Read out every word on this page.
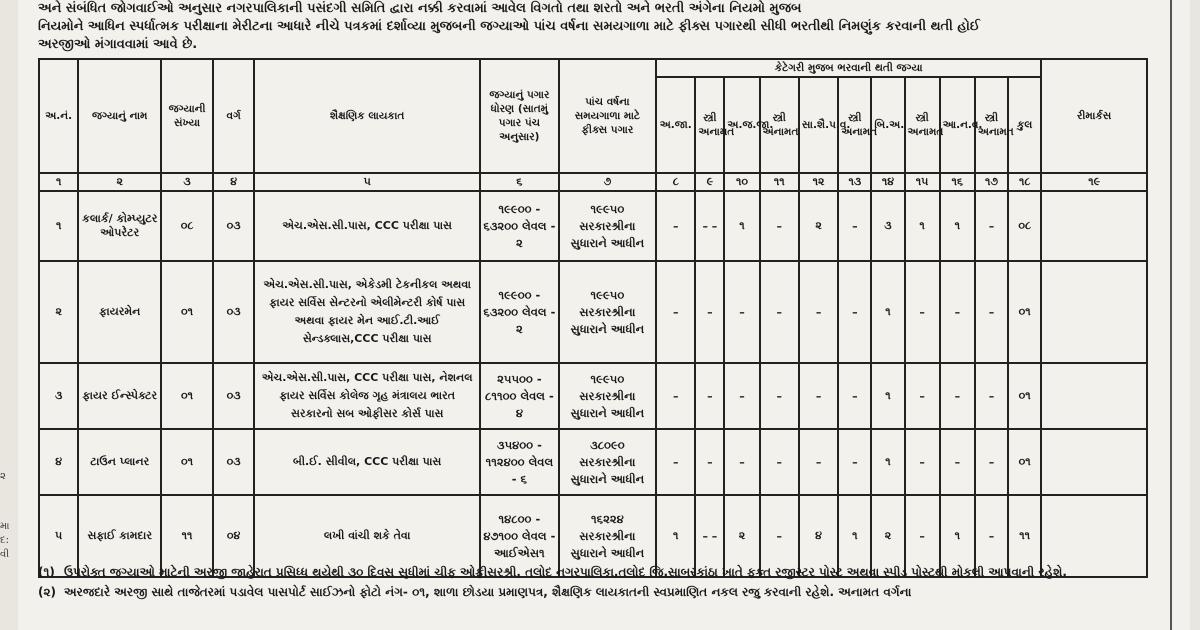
૨
મા
દ:
વી
અને સંબંધિત જોગવાઈઓ અનુસાર નગરપાલિકાની પસંદગી સમિતિ દ્વારા નક્કી કરવામાં આવેલ વિગતો તથા શરતો અને ભરતી અંગેના નિયમો મુજબ
નિયમોને આધિન સ્પર્ધાત્મક પરીક્ષાના મેરીટના આધારે નીચે પત્રકમાં દર્શાવ્યા મુજબની જગ્યાઓ પાંચ વર્ષના સમયગાળા માટે ફીક્સ પગારથી સીધી ભરતીથી નિમણુંક કરવાની થતી હોઈ
અરજીઓ મંગાવવામાં આવે છે.
અ.નં.	જગ્યાનું નામ	જગ્યાની સંખ્યા	વર્ગ	શૈક્ષણિક લાયકાત	જગ્યાનું પગાર ધોરણ (સાતમું પગાર પંચ અનુસાર)	પાંચ વર્ષના સમયગાળા માટે ફીક્સ પગાર	કેટેગરી મુજબ ભરવાની થતી જગ્યા											રીમાર્કસ
							અ.જા.	સ્ત્રી અનામત	અ.જ.જા.	સ્ત્રી અનામત	સા.શૈ.પ.વ.	સ્ત્રી અનામત	બિ.અ.	સ્ત્રી અનામત	આ.ન.વ.	સ્ત્રી અનામત	કુલ	
૧	૨	૩	૪	૫	૬	૭	૮	૯	૧૦	૧૧	૧૨	૧૩	૧૪	૧૫	૧૬	૧૭	૧૮	૧૯
૧	કલાર્ક/ કોમ્પ્યુટર ઓપરેટર	૦૮	૦૩	એચ.એસ.સી.પાસ, CCC પરીક્ષા પાસ	૧૯૯૦૦ - ૬૩૨૦૦ લેવલ - ૨	૧૯૯૫૦ સરકારશ્રીના સુધારાને આધીન	–	– –	૧	–	૨	–	૩	૧	૧	–	૦૮	
૨	ફાયરમેન	૦૧	૦૩	એચ.એસ.સી.પાસ, એકેડમી ટેકનીકલ અથવા ફાયર સર્વિસ સેન્ટરનો એલીમેન્ટરી કોર્ષ પાસ અથવા ફાયર મેન આઈ.ટી.આઈ સેન્ડક્લાસ,CCC પરીક્ષા પાસ	૧૯૯૦૦ - ૬૩૨૦૦ લેવલ - ૨	૧૯૯૫૦ સરકારશ્રીના સુધારાને આધીન	–	–	–	–	–	–	૧	–	–	–	૦૧	
૩	ફાયર ઈન્સ્પેક્ટર	૦૧	૦૩	એચ.એસ.સી.પાસ, CCC પરીક્ષા પાસ, નેશનલ ફાયર સર્વિસ કોલેજ ગૃહ મંત્રાલય ભારત સરકારનો સબ ઓફીસર કોર્સ પાસ	૨૫૫૦૦ - ૮૧૧૦૦ લેવલ - ૪	૧૯૯૫૦ સરકારશ્રીના સુધારાને આધીન	–	–	–	–	–	–	૧	–	–	–	૦૧	
૪	ટાઉન પ્લાનર	૦૧	૦૩	બી.ઈ. સીવીલ, CCC પરીક્ષા પાસ	૩૫૪૦૦ - ૧૧૨૪૦૦ લેવલ - ૬	૩૮૦૯૦ સરકારશ્રીના સુધારાને આધીન	–	–	–	–	–	–	૧	–	–	–	૦૧	
૫	સફાઈ કામદાર	૧૧	૦૪	લખી વાંચી શકે તેવા	૧૪૮૦૦ - ૪૭૧૦૦ લેવલ - આઈએસ૧	૧૬૨૨૪ સરકારશ્રીના સુધારાને આધીન	૧	– –	૨	–	૪	૧	૨	–	૧	–	૧૧	
(૧) ઉપરોક્ત જગ્યાઓ માટેની અરજી જાહેરાત પ્રસિધ્ધ થયેથી ૩૦ દિવસ સુધીમાં ચીફ ઓફીસરશ્રી, તલોદ નગરપાલિકા,તલોદ જિ.સાબરકાંઠા ખાતે ફક્ત રજીસ્ટર પોસ્ટ અથવા સ્પીડ પોસ્ટથી મોકલી આપવાની રહેશે.
(૨) અરજદારે અરજી સાથે તાજેતરમાં પડાવેલ પાસપોર્ટ સાઈઝનો ફોટો નંગ- ૦૧, શાળા છોડયા પ્રમાણપત્ર, શૈક્ષણિક લાયકાતની સ્વપ્રમાણિત નકલ રજુ કરવાની રહેશે. અનામત વર્ગના
